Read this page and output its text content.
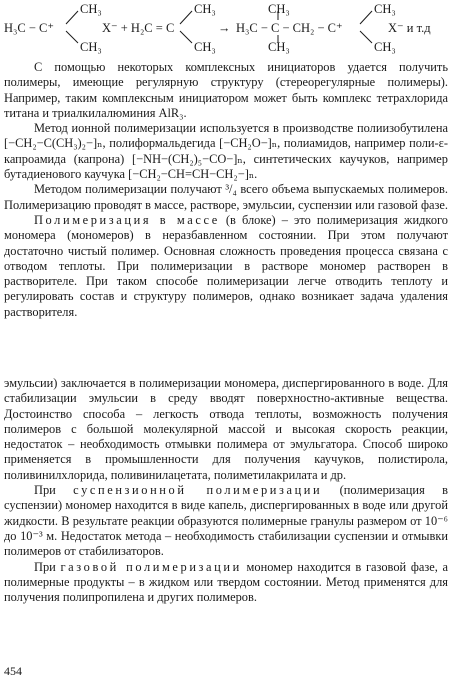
H₃C − C⁺
CH₃
CH₃
X⁻ + H₂C = C
CH₃
CH₃
→ H₃C − C − CH₂ − C⁺
CH₃
CH₃
CH₃
CH₃
X⁻ и т.д

С помощью некоторых комплексных инициаторов удается получить полимеры, имеющие регулярную структуру (стереорегулярные полимеры). Например, таким комплексным инициатором может быть комплекс тетрахлорида титана и триалкилалюминия AlR₃.

Метод ионной полимеризации используется в производстве полиизобутилена [−CH₂−C(CH₃)₂−]ₙ, полиформальдегида [−CH₂O−]ₙ, полиамидов, например поли-ε-капроамида (капрона) [−NH−(CH₂)₅−CO−]ₙ, синтетических каучуков, например бутадиенового каучука [−CH₂−CH=CH−CH₂−]ₙ.

Методом полимеризации получают ³/₄ всего объема выпускаемых полимеров. Полимеризацию проводят в массе, растворе, эмульсии, суспензии или газовой фазе.

Полимеризация в массе (в блоке) – это полимеризация жидкого мономера (мономеров) в неразбавленном состоянии. При этом получают достаточно чистый полимер. Основная сложность проведения процесса связана с отводом теплоты. При полимеризации в растворе мономер растворен в растворителе. При таком способе полимеризации легче отводить теплоту и регулировать состав и структуру полимеров, однако возникает задача удаления растворителя.

эмульсии) заключается в полимеризации мономера, диспергированного в воде. Для стабилизации эмульсии в среду вводят поверхностно-активные вещества. Достоинство способа – легкость отвода теплоты, возможность получения полимеров с большой молекулярной массой и высокая скорость реакции, недостаток – необходимость отмывки полимера от эмульгатора. Способ широко применяется в промышленности для получения каучуков, полистирола, поливинилхлорида, поливинилацетата, полиметилакрилата и др.

При суспензионной полимеризации (полимеризация в суспензии) мономер находится в виде капель, диспергированных в воде или другой жидкости. В результате реакции образуются полимерные гранулы размером от 10⁻⁶ до 10⁻³ м. Недостаток метода – необходимость стабилизации суспензии и отмывки полимеров от стабилизаторов.

При газовой полимеризации мономер находится в газовой фазе, а полимерные продукты – в жидком или твердом состоянии. Метод применятся для получения полипропилена и других полимеров.

454
